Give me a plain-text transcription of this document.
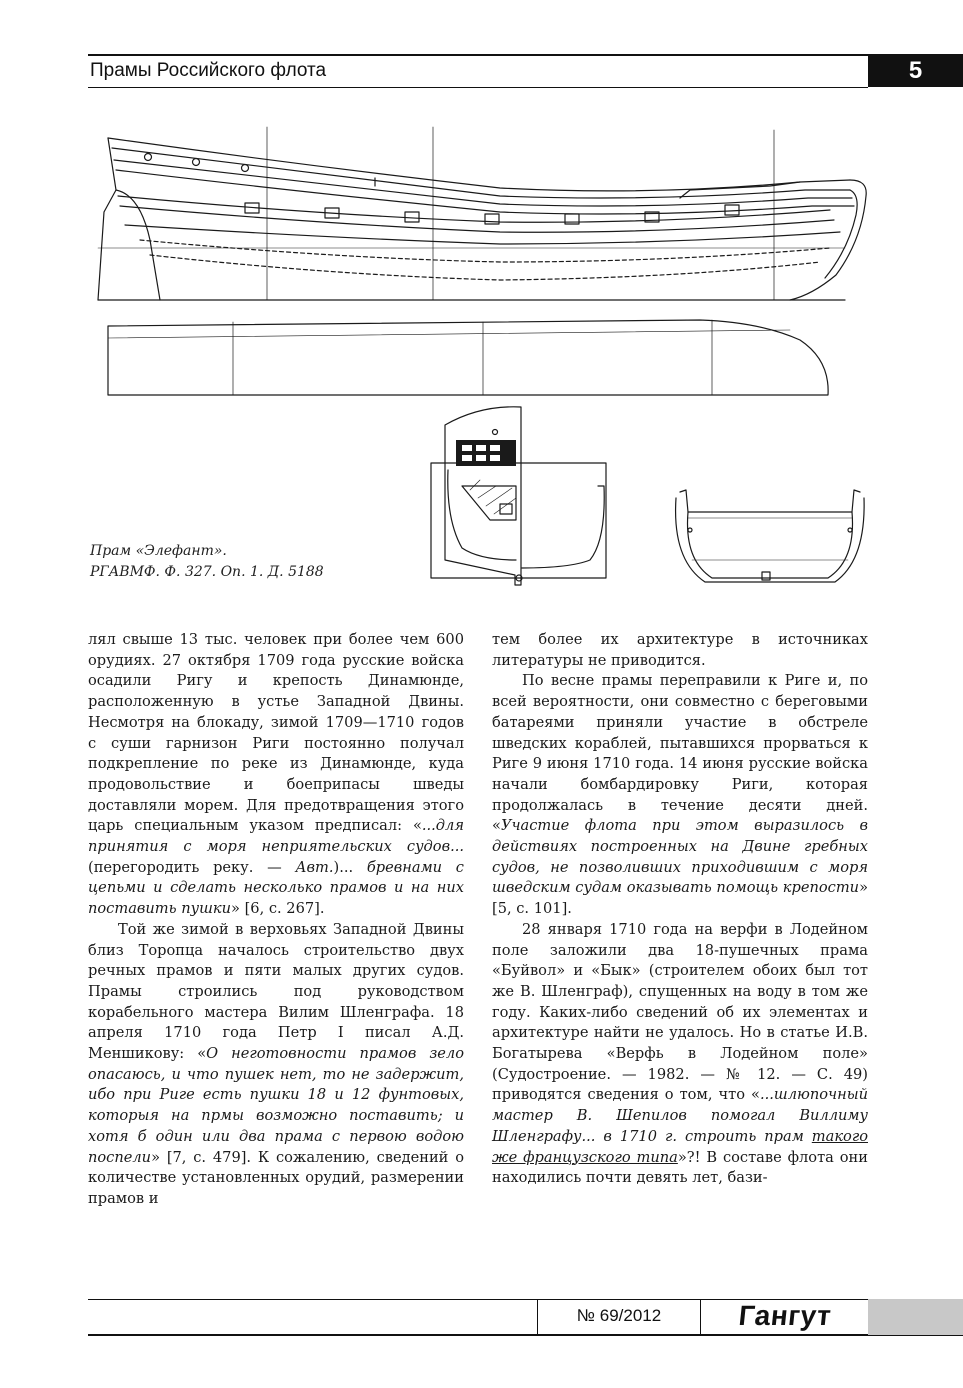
Прамы Российского флота	5
Прам «Элефант».
РГАВМФ. Ф. 327. Оп. 1. Д. 5188

лял свыше 13 тыс. человек при более чем 600 орудиях. 27 октября 1709 года русские войска осадили Ригу и крепость Динамюнде, расположенную в устье Западной Двины. Несмотря на блокаду, зимой 1709—1710 годов с суши гарнизон Риги постоянно получал подкрепление по реке из Динамюнде, куда продовольствие и боеприпасы шведы доставляли морем. Для предотвращения этого царь специальным указом предписал: «...для принятия с моря неприятельских судов... (перегородить реку. — Авт.)... бревнами с цепьми и сделать несколько прамов и на них поставить пушки» [6, с. 267].

Той же зимой в верховьях Западной Двины близ Торопца началось строительство двух речных прамов и пяти малых других судов. Прамы строились под руководством корабельного мастера Вилим Шленграфа. 18 апреля 1710 года Петр I писал А.Д. Меншикову: «О неготовности прамов зело опасаюсь, и что пушек нет, то не задержит, ибо при Риге есть пушки 18 и 12 фунтовых, которыя на прмы возможно поставить; и хотя б один или два прама с первою водою поспели» [7, с. 479]. К сожалению, сведений о количестве установленных орудий, размерении прамов и

тем более их архитектуре в источниках литературы не приводится.

По весне прамы переправили к Риге и, по всей вероятности, они совместно с береговыми батареями приняли участие в обстреле шведских кораблей, пытавшихся прорваться к Риге 9 июня 1710 года. 14 июня русские войска начали бомбардировку Риги, которая продолжалась в течение десяти дней. «Участие флота при этом выразилось в действиях построенных на Двине гребных судов, не позволивших приходившим с моря шведским судам оказывать помощь крепости» [5, с. 101].

28 января 1710 года на верфи в Лодейном поле заложили два 18-пушечных прама «Буйвол» и «Бык» (строителем обоих был тот же В. Шленграф), спущенных на воду в том же году. Каких-либо сведений об их элементах и архитектуре найти не удалось. Но в статье И.В. Богатырева «Верфь в Лодейном поле» (Судостроение. — 1982. — № 12. — С. 49) приводятся сведения о том, что «...шлюпочный мастер В. Шепилов помогал Виллиму Шленграфу... в 1710 г. строить прам такого же французского типа»?! В составе флота они находились почти девять лет, бази-

№ 69/2012	Гангут
